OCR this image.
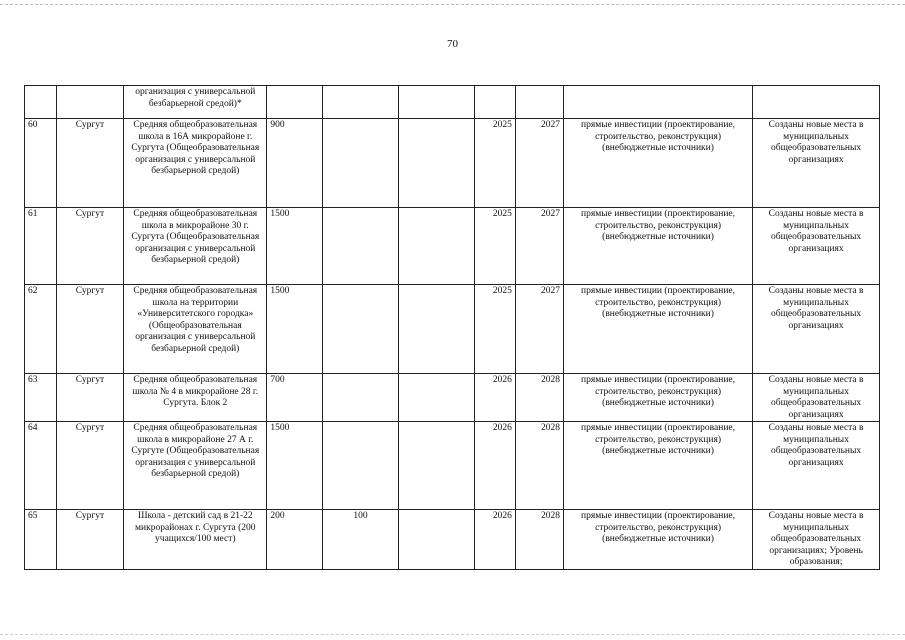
70
		организация с универсальной безбарьерной средой)*							
60	Сургут	Средняя общеобразовательная школа в 16А микрорайоне г. Сургута (Общеобразовательная организация с универсальной безбарьерной средой)	900			2025	2027	прямые инвестиции (проектирование, строительство, реконструкция) (внебюджетные источники)	Созданы новые места в муниципальных общеобразовательных организациях
61	Сургут	Средняя общеобразовательная школа в микрорайоне 30 г. Сургута (Общеобразовательная организация с универсальной безбарьерной средой)	1500			2025	2027	прямые инвестиции (проектирование, строительство, реконструкция) (внебюджетные источники)	Созданы новые места в муниципальных общеобразовательных организациях
62	Сургут	Средняя общеобразовательная школа на территории «Университетского городка» (Общеобразовательная организация с универсальной безбарьерной средой)	1500			2025	2027	прямые инвестиции (проектирование, строительство, реконструкция)(внебюджетные источники)	Созданы новые места в муниципальных общеобразовательных организациях
63	Сургут	Средняя общеобразовательная школа № 4 в микрорайоне 28 г. Сургута. Блок 2	700			2026	2028	прямые инвестиции (проектирование, строительство, реконструкция) (внебюджетные источники)	Созданы новые места в муниципальных общеобразовательных организациях
64	Сургут	Средняя общеобразовательная школа в микрорайоне 27 А г. Сургуте (Общеобразовательная организация с универсальной безбарьерной средой)	1500			2026	2028	прямые инвестиции (проектирование, строительство, реконструкция) (внебюджетные источники)	Созданы новые места в муниципальных общеобразовательных организациях
65	Сургут	Школа - детский сад в 21-22 микрорайонах г. Сургута (200 учащихся/100 мест)	200	100		2026	2028	прямые инвестиции (проектирование, строительство, реконструкция) (внебюджетные источники)	Созданы новые места в муниципальных общеобразовательных организациях; Уровень образования;
